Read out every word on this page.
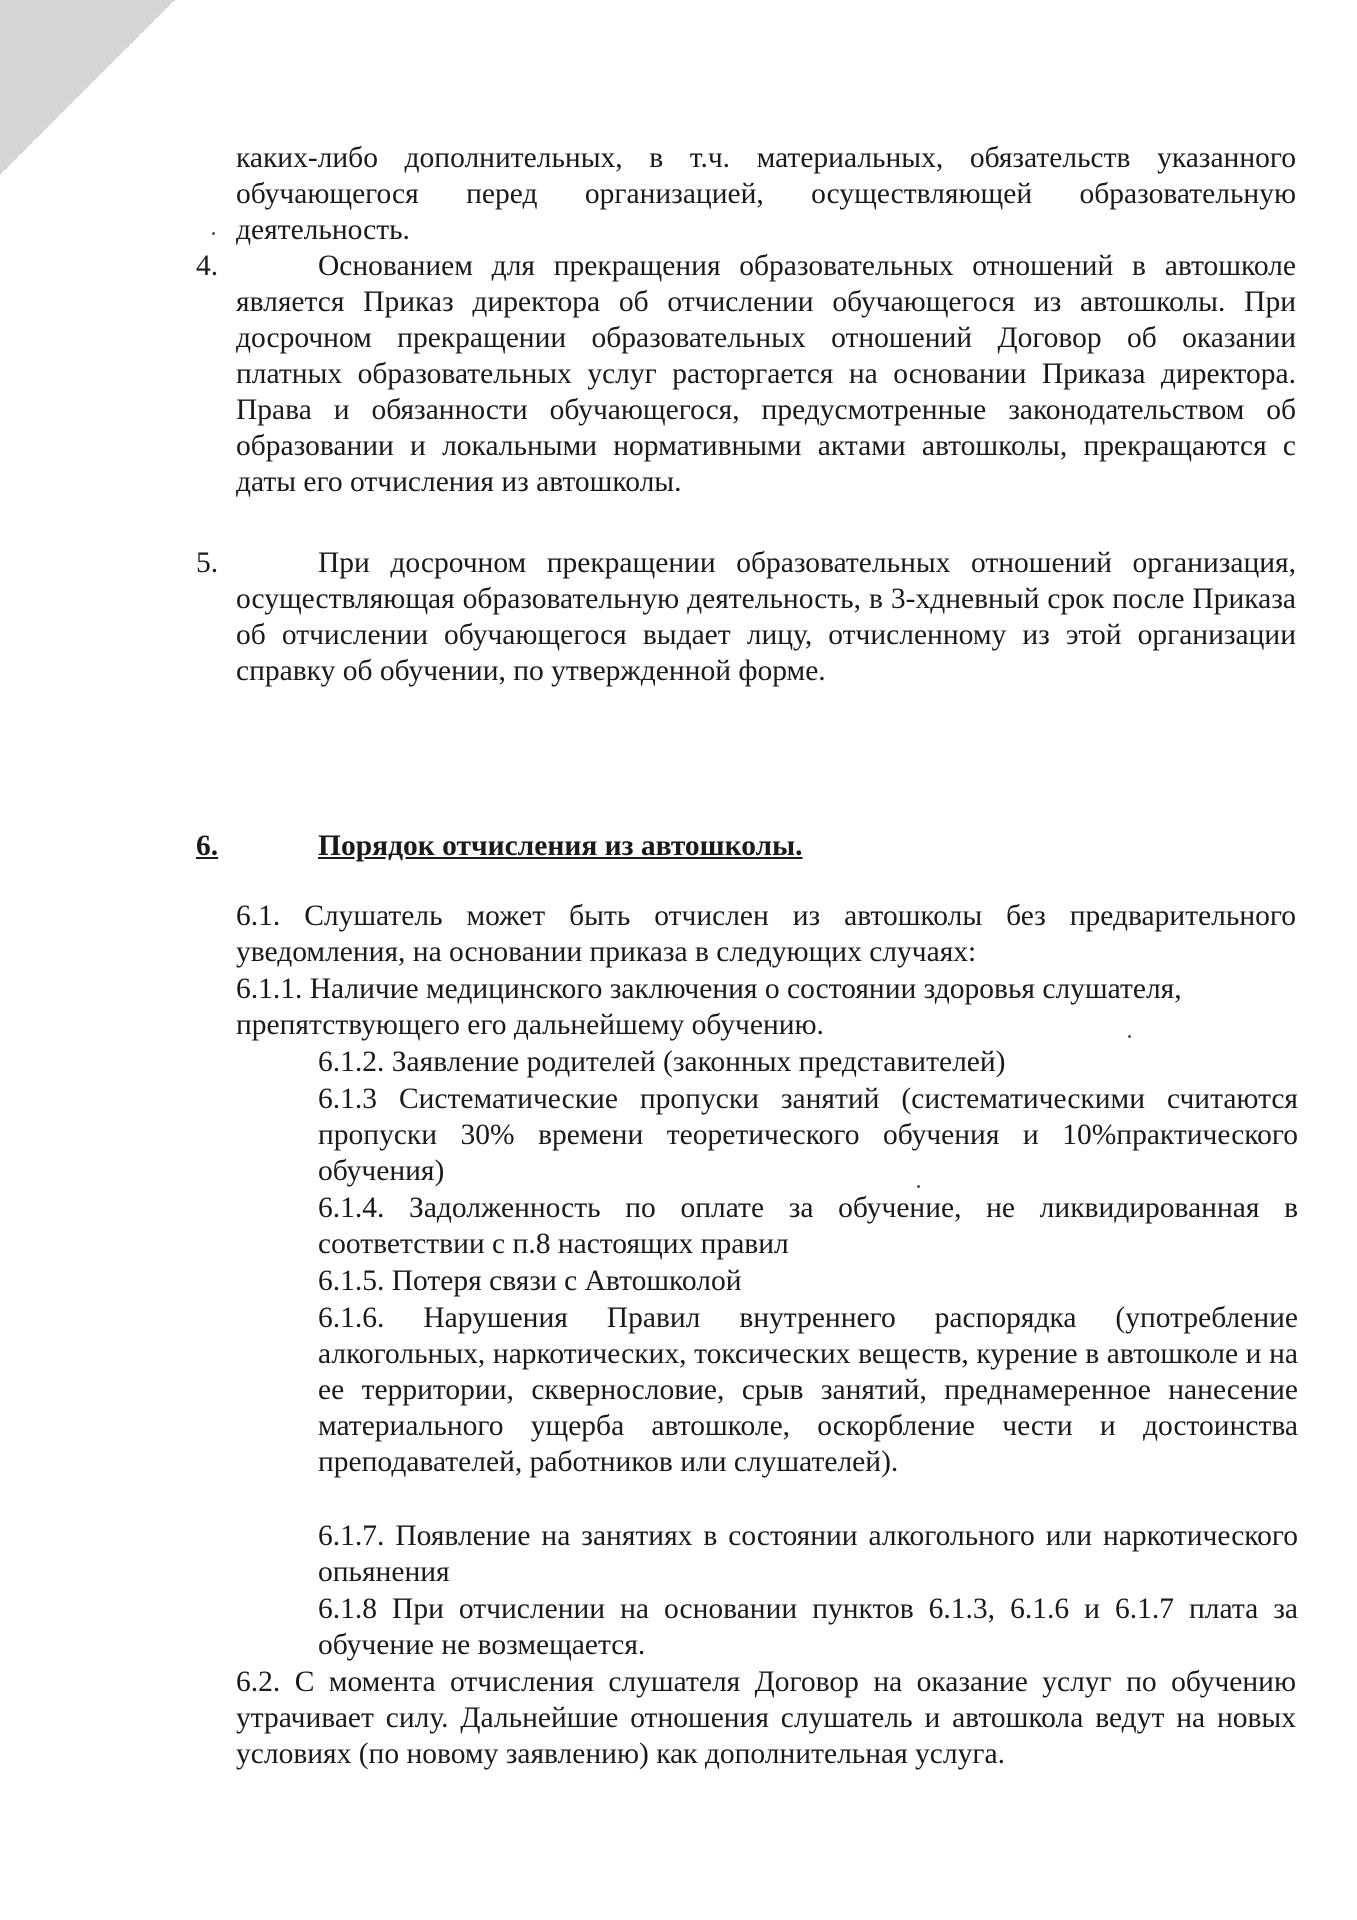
каких-либо дополнительных, в т.ч. материальных, обязательств указанного обучающегося перед организацией, осуществляющей образовательную деятельность.

4.	Основанием для прекращения образовательных отношений в автошколе является Приказ директора об отчислении обучающегося из автошколы. При досрочном прекращении образовательных отношений Договор об оказании платных образовательных услуг расторгается на основании Приказа директора. Права и обязанности обучающегося, предусмотренные законодательством об образовании и локальными нормативными актами автошколы, прекращаются с даты его отчисления из автошколы.

5.	При досрочном прекращении образовательных отношений организация, осуществляющая образовательную деятельность, в 3-хдневный срок после Приказа об отчислении обучающегося выдает лицу, отчисленному из этой организации справку об обучении, по утвержденной форме.

6.	Порядок отчисления из автошколы.

6.1. Слушатель может быть отчислен из автошколы без предварительного уведомления, на основании приказа в следующих случаях:

6.1.1. Наличие медицинского заключения о состоянии здоровья слушателя, препятствующего его дальнейшему обучению.

6.1.2. Заявление родителей (законных представителей)

6.1.3 Систематические пропуски занятий (систематическими считаются пропуски 30% времени теоретического обучения и 10%практического обучения)

6.1.4. Задолженность по оплате за обучение, не ликвидированная в соответствии с п.8 настоящих правил

6.1.5. Потеря связи с Автошколой

6.1.6. Нарушения Правил внутреннего распорядка (употребление алкогольных, наркотических, токсических веществ, курение в автошколе и на ее территории, сквернословие, срыв занятий, преднамеренное нанесение материального ущерба автошколе, оскорбление чести и достоинства преподавателей, работников или слушателей).

6.1.7. Появление на занятиях в состоянии алкогольного или наркотического опьянения

6.1.8 При отчислении на основании пунктов 6.1.3, 6.1.6 и 6.1.7 плата за обучение не возмещается.

6.2. С момента отчисления слушателя Договор на оказание услуг по обучению утрачивает силу. Дальнейшие отношения слушатель и автошкола ведут на новых условиях (по новому заявлению) как дополнительная услуга.
